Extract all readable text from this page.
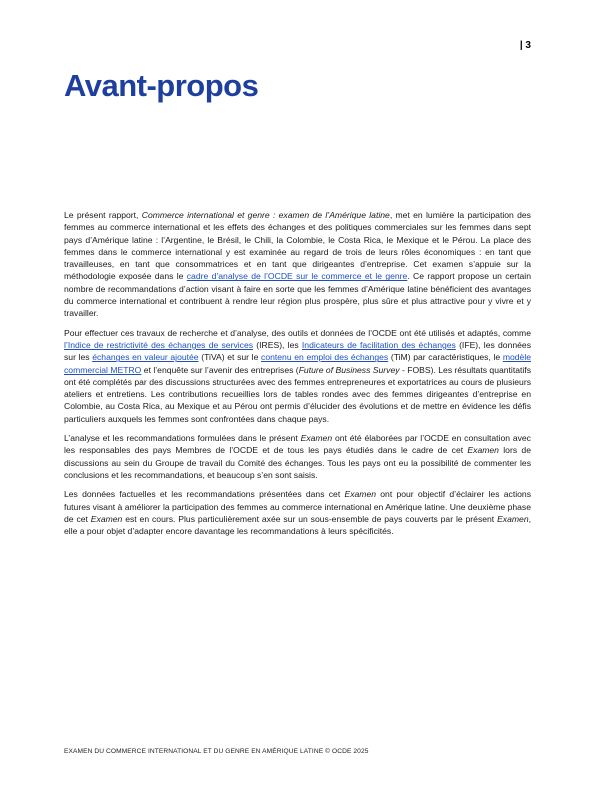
| 3
Avant-propos

Le présent rapport, Commerce international et genre : examen de l’Amérique latine, met en lumière la participation des femmes au commerce international et les effets des échanges et des politiques commerciales sur les femmes dans sept pays d’Amérique latine : l’Argentine, le Brésil, le Chili, la Colombie, le Costa Rica, le Mexique et le Pérou. La place des femmes dans le commerce international y est examinée au regard de trois de leurs rôles économiques : en tant que travailleuses, en tant que consommatrices et en tant que dirigeantes d’entreprise. Cet examen s’appuie sur la méthodologie exposée dans le cadre d’analyse de l’OCDE sur le commerce et le genre. Ce rapport propose un certain nombre de recommandations d’action visant à faire en sorte que les femmes d’Amérique latine bénéficient des avantages du commerce international et contribuent à rendre leur région plus prospère, plus sûre et plus attractive pour y vivre et y travailler.

Pour effectuer ces travaux de recherche et d’analyse, des outils et données de l’OCDE ont été utilisés et adaptés, comme l’Indice de restrictivité des échanges de services (IRES), les Indicateurs de facilitation des échanges (IFE), les données sur les échanges en valeur ajoutée (TiVA) et sur le contenu en emploi des échanges (TiM) par caractéristiques, le modèle commercial METRO et l’enquête sur l’avenir des entreprises (Future of Business Survey - FOBS). Les résultats quantitatifs ont été complétés par des discussions structurées avec des femmes entrepreneures et exportatrices au cours de plusieurs ateliers et entretiens. Les contributions recueillies lors de tables rondes avec des femmes dirigeantes d’entreprise en Colombie, au Costa Rica, au Mexique et au Pérou ont permis d’élucider des évolutions et de mettre en évidence les défis particuliers auxquels les femmes sont confrontées dans chaque pays.

L’analyse et les recommandations formulées dans le présent Examen ont été élaborées par l’OCDE en consultation avec les responsables des pays Membres de l’OCDE et de tous les pays étudiés dans le cadre de cet Examen lors de discussions au sein du Groupe de travail du Comité des échanges. Tous les pays ont eu la possibilité de commenter les conclusions et les recommandations, et beaucoup s’en sont saisis.

Les données factuelles et les recommandations présentées dans cet Examen ont pour objectif d’éclairer les actions futures visant à améliorer la participation des femmes au commerce international en Amérique latine. Une deuxième phase de cet Examen est en cours. Plus particulièrement axée sur un sous-ensemble de pays couverts par le présent Examen, elle a pour objet d’adapter encore davantage les recommandations à leurs spécificités.

EXAMEN DU COMMERCE INTERNATIONAL ET DU GENRE EN AMÉRIQUE LATINE © OCDE 2025
